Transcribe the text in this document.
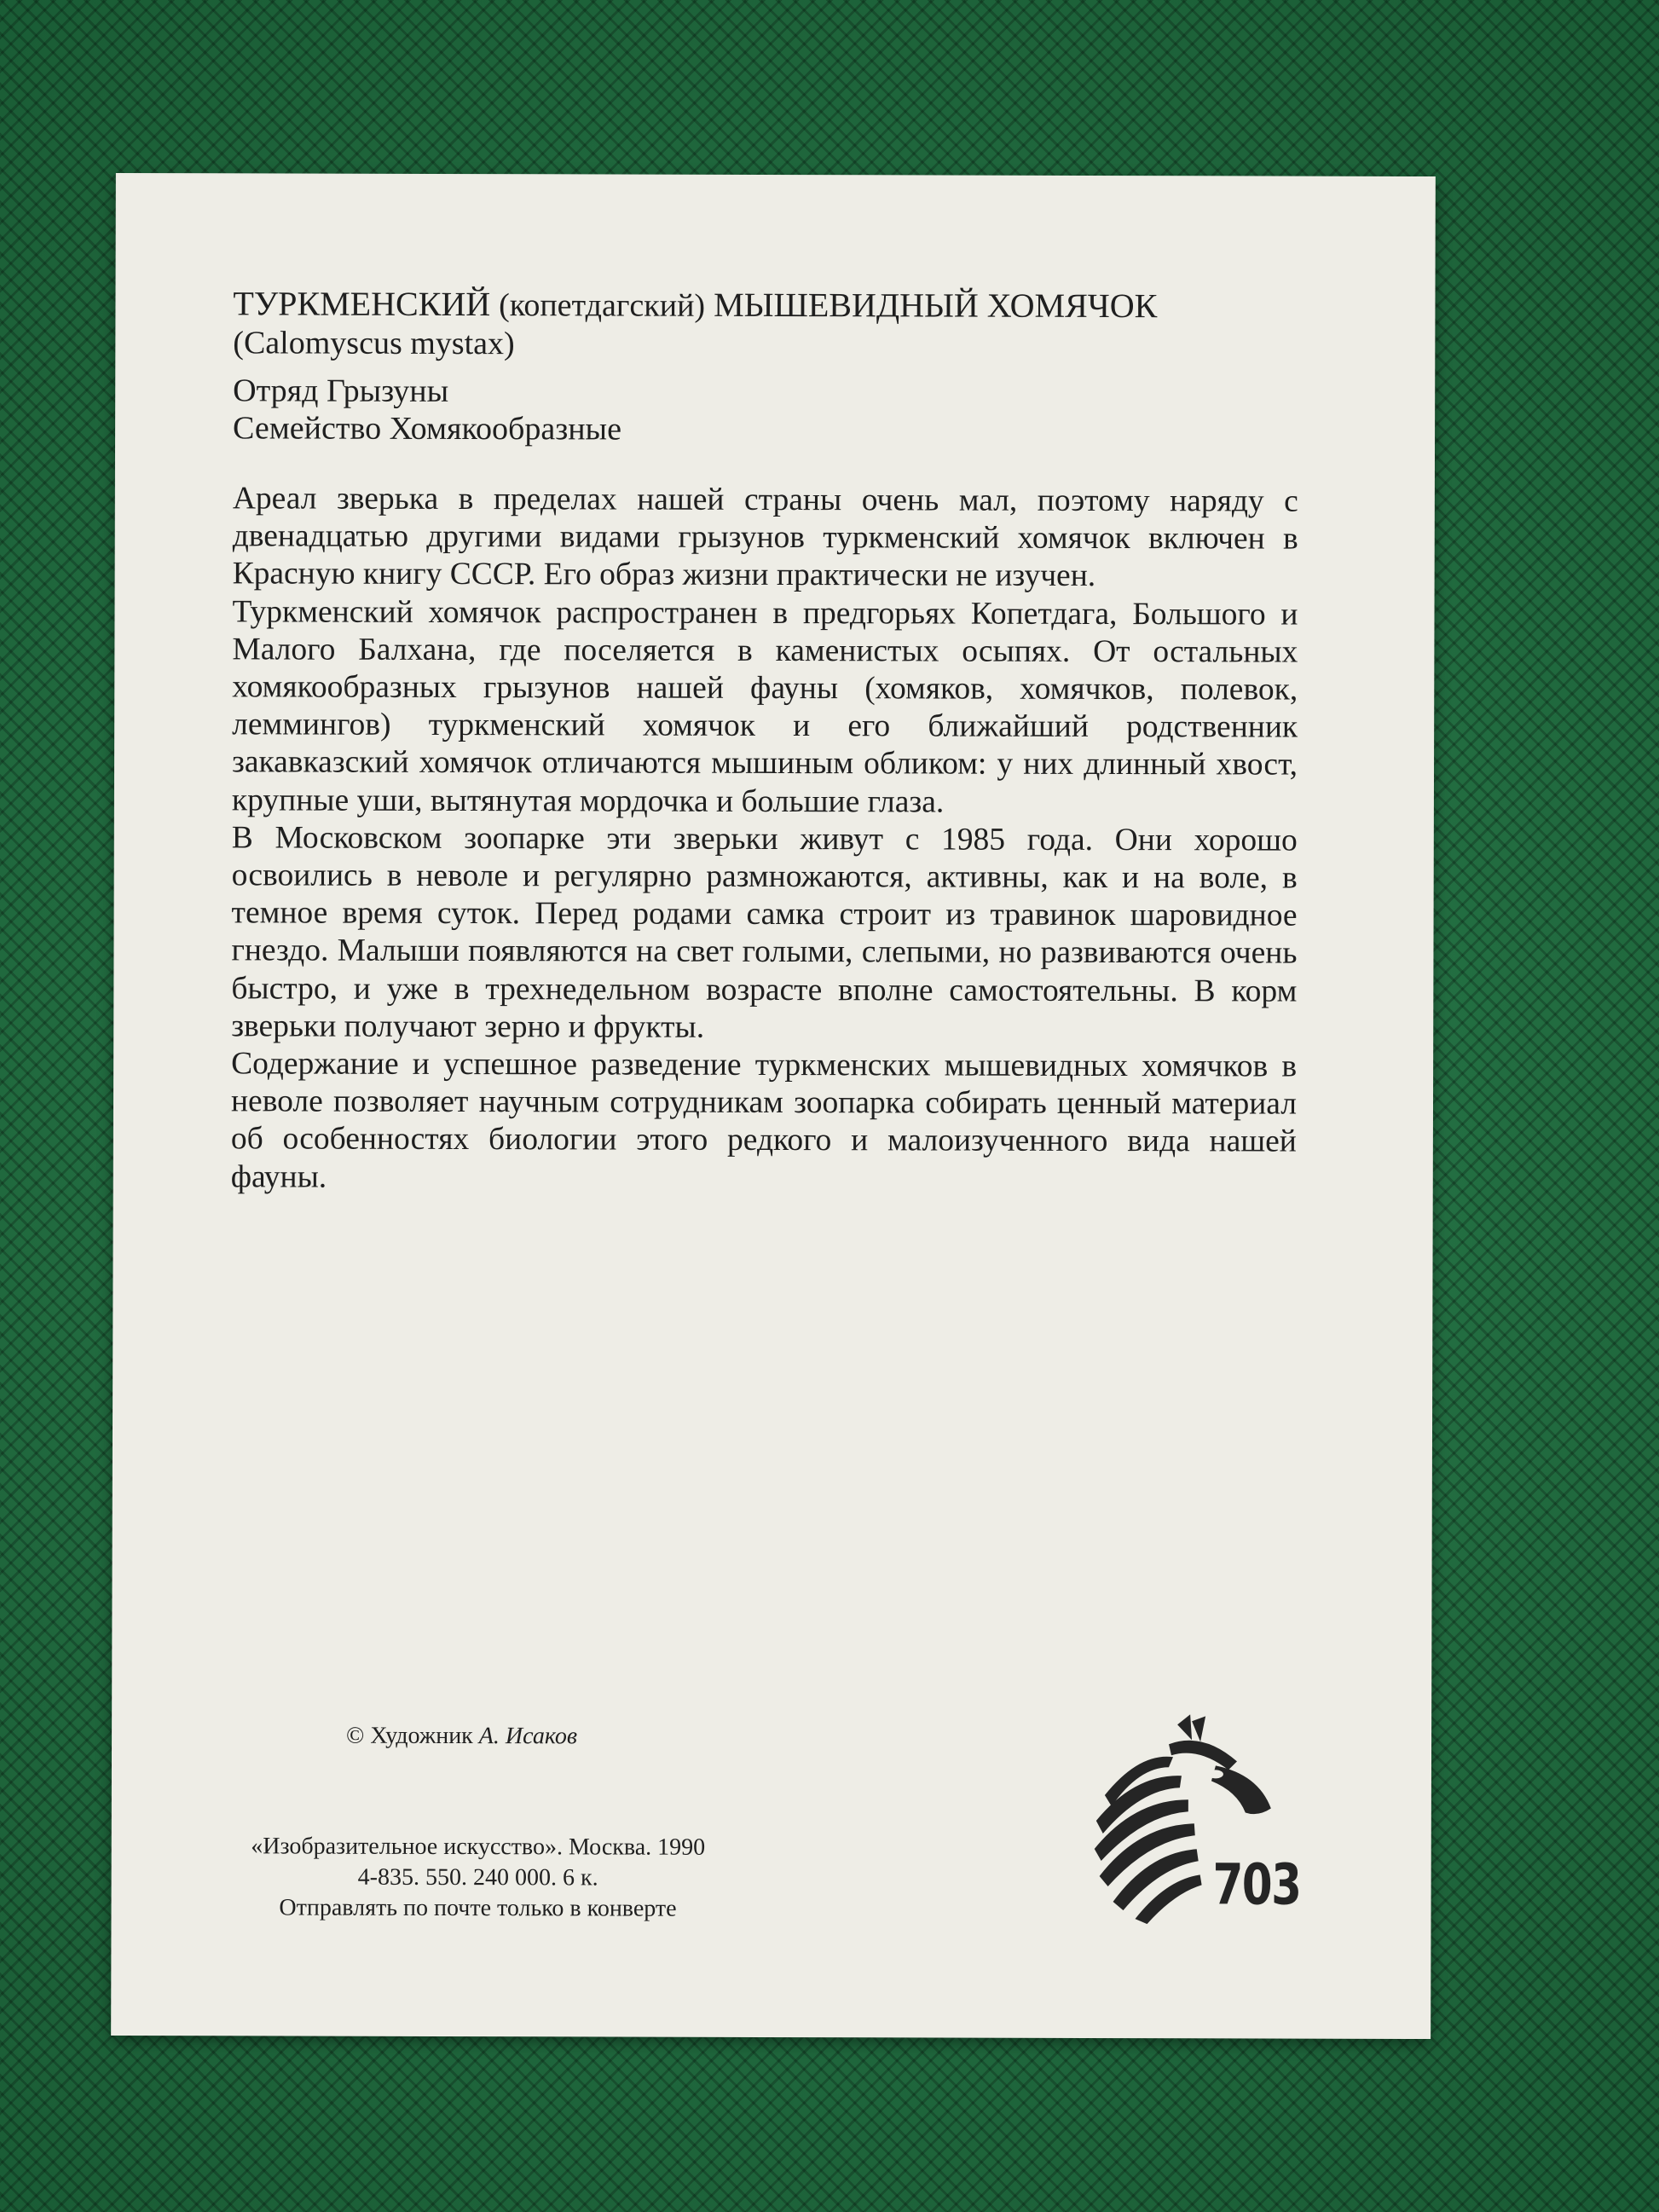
ТУРКМЕНСКИЙ (копетдагский) МЫШЕВИДНЫЙ ХОМЯЧОК

(Calomyscus mystax)

Отряд Грызуны

Семейство Хомякообразные

Ареал зверька в пределах нашей страны очень мал, поэтому наряду с двенадцатью другими видами грызунов туркменский хомячок включен в Красную книгу СССР. Его образ жизни практически не изучен.

Туркменский хомячок распространен в предгорьях Копетдага, Большого и Малого Балхана, где поселяется в каменистых осыпях. От остальных хомякообразных грызунов нашей фауны (хомяков, хомячков, полевок, леммингов) туркменский хомячок и его ближайший родственник закавказский хомячок отличаются мышиным обликом: у них длинный хвост, крупные уши, вытянутая мордочка и большие глаза.

В Московском зоопарке эти зверьки живут с 1985 года. Они хорошо освоились в неволе и регулярно размножаются, активны, как и на воле, в темное время суток. Перед родами самка строит из травинок шаровидное гнездо. Малыши появляются на свет голыми, слепыми, но развиваются очень быстро, и уже в трехнедельном возрасте вполне самостоятельны. В корм зверьки получают зерно и фрукты.

Содержание и успешное разведение туркменских мышевидных хомячков в неволе позволяет научным сотрудникам зоопарка собирать ценный материал об особенностях биологии этого редкого и малоизученного вида нашей фауны.

© Художник А. Исаков
«Изобразительное искусство». Москва. 1990
4-835. 550. 240 000. 6 к.
Отправлять по почте только в конверте	703
